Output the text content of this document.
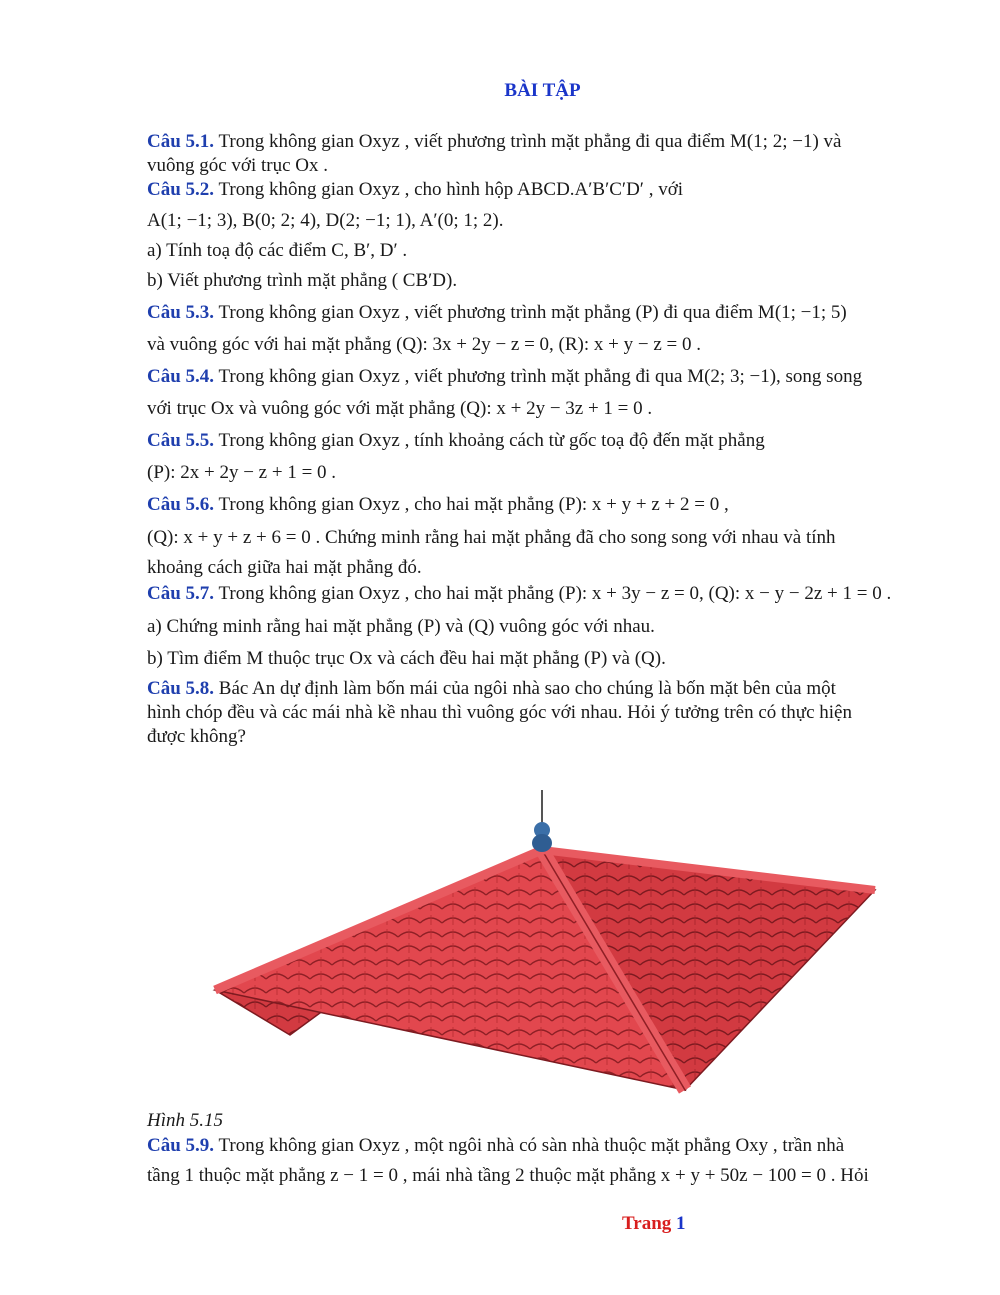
BÀI TẬP

Câu 5.1. Trong không gian Oxyz , viết phương trình mặt phẳng đi qua điểm M(1; 2; −1) và

vuông góc với trục Ox .

Câu 5.2. Trong không gian Oxyz , cho hình hộp ABCD.A′B′C′D′ , với

A(1; −1; 3), B(0; 2; 4), D(2; −1; 1), A′(0; 1; 2).

a) Tính toạ độ các điểm C, B′, D′ .

b) Viết phương trình mặt phẳng ( CB′D).

Câu 5.3. Trong không gian Oxyz , viết phương trình mặt phẳng (P) đi qua điểm M(1; −1; 5)

và vuông góc với hai mặt phẳng (Q): 3x + 2y − z = 0, (R): x + y − z = 0 .

Câu 5.4. Trong không gian Oxyz , viết phương trình mặt phẳng đi qua M(2; 3; −1), song song

với trục Ox và vuông góc với mặt phẳng (Q): x + 2y − 3z + 1 = 0 .

Câu 5.5. Trong không gian Oxyz , tính khoảng cách từ gốc toạ độ đến mặt phẳng

(P): 2x + 2y − z + 1 = 0 .

Câu 5.6. Trong không gian Oxyz , cho hai mặt phẳng (P): x + y + z + 2 = 0 ,

(Q): x + y + z + 6 = 0 . Chứng minh rằng hai mặt phẳng đã cho song song với nhau và tính

khoảng cách giữa hai mặt phẳng đó.

Câu 5.7. Trong không gian Oxyz , cho hai mặt phẳng (P): x + 3y − z = 0, (Q): x − y − 2z + 1 = 0 .

a) Chứng minh rằng hai mặt phẳng (P) và (Q) vuông góc với nhau.

b) Tìm điểm M thuộc trục Ox và cách đều hai mặt phẳng (P) và (Q).

Câu 5.8. Bác An dự định làm bốn mái của ngôi nhà sao cho chúng là bốn mặt bên của một

hình chóp đều và các mái nhà kề nhau thì vuông góc với nhau. Hỏi ý tưởng trên có thực hiện

được không?

Hình 5.15

Câu 5.9. Trong không gian Oxyz , một ngôi nhà có sàn nhà thuộc mặt phẳng Oxy , trần nhà

tầng 1 thuộc mặt phẳng z − 1 = 0 , mái nhà tầng 2 thuộc mặt phẳng x + y + 50z − 100 = 0 . Hỏi

Trang 1
